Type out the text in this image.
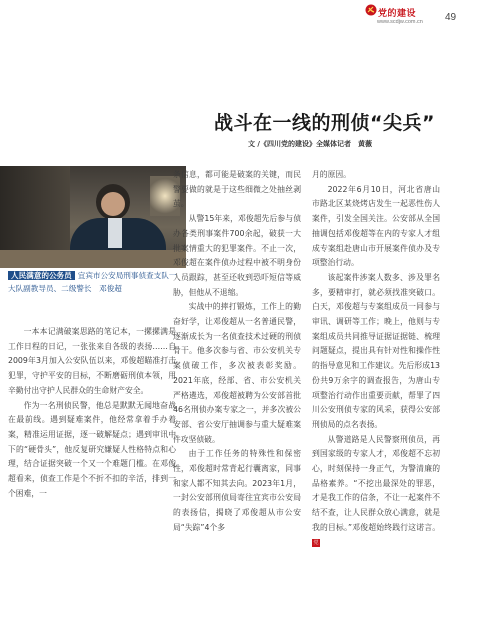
党的建设
www.scdjw.com.cn 49
战斗在一线的刑侦“尖兵”
文 /《四川党的建设》全媒体记者　黄薇
人民满意的公务员 宜宾市公安局刑事侦查支队一大队副教导员、二级警长　邓俊超

一本本记满破案思路的笔记本，一摞摞满是工作日程的日记，一张张来自各级的表扬……自2009年3月加入公安队伍以来，邓俊超瞄准打击犯罪，守护平安的目标，不断磨砺刑侦本领，用辛勤付出守护人民群众的生命财产安全。

作为一名刑侦民警，他总是默默无闻地奋战在最前线。遇到疑难案件，他经常拿着手办着案，精准运用证据，逐一破解疑点；遇到审讯中下的“硬骨头”，他反复研究嫌疑人性格特点和心理，结合证据突破一个又一个难题门槛。在邓俊超看来，侦查工作是个不折不扣的辛活，排到一个困难，一

条信息，都可能是破案的关键，而民警要做的就是于这些细微之处抽丝剥茧。

从警15年来，邓俊超先后参与侦办各类刑事案件700余起，破获一大批案情重大的犯罪案件。不止一次，邓俊超在案件侦办过程中被不明身份人员跟踪，甚至还收到恐吓短信等威胁，但他从不退缩。

实战中的摔打锻炼，工作上的勤奋好学，让邓俊超从一名普通民警，逐渐成长为一名侦查技术过硬的刑侦骨干。他多次参与省、市公安机关专案侦破工作，多次被表彰奖励。2021年底，经部、省、市公安机关严格遴选，邓俊超被聘为公安部首批46名刑侦办案专家之一，并多次被公安部、省公安厅抽调参与重大疑难案件攻坚侦破。

由于工作任务的特殊性和保密性，邓俊超时常背起行囊离家，同事和家人都不知其去向。2023年1月，一封公安部刑侦局寄往宜宾市公安局的表扬信，揭晓了邓俊超从市公安局“失踪”4个多

月的原因。

2022年6月10日，河北省唐山市路北区某烧烤店发生一起恶性伤人案件，引发全国关注。公安部从全国抽调包括邓俊超等在内的专家人才组成专案组赴唐山市开展案件侦办及专项整治行动。

该起案件涉案人数多、涉及罪名多，要精审打，就必须找准突破口。白天，邓俊超与专案组成员一同参与审讯、调研等工作；晚上，他则与专案组成员共同推导证据证据链、梳理问题疑点，提出具有针对性和操作性的指导意见和工作建议。先后形成13份共9万余字的调查报告，为唐山专项整治行动作出重要贡献，帮罪了四川公安刑侦专家的风采，获得公安部刑侦局的点名表扬。

从警道路是人民警察刑侦员，再到国家级的专家人才，邓俊超不忘初心，时刻保持一身正气，为警清廉的品格素养。“不挖出最深处的罪恶，才是我工作的信条，不让一起案件不结不查，让人民群众放心满意，就是我的目标。”邓俊超始终践行这诺言。党
